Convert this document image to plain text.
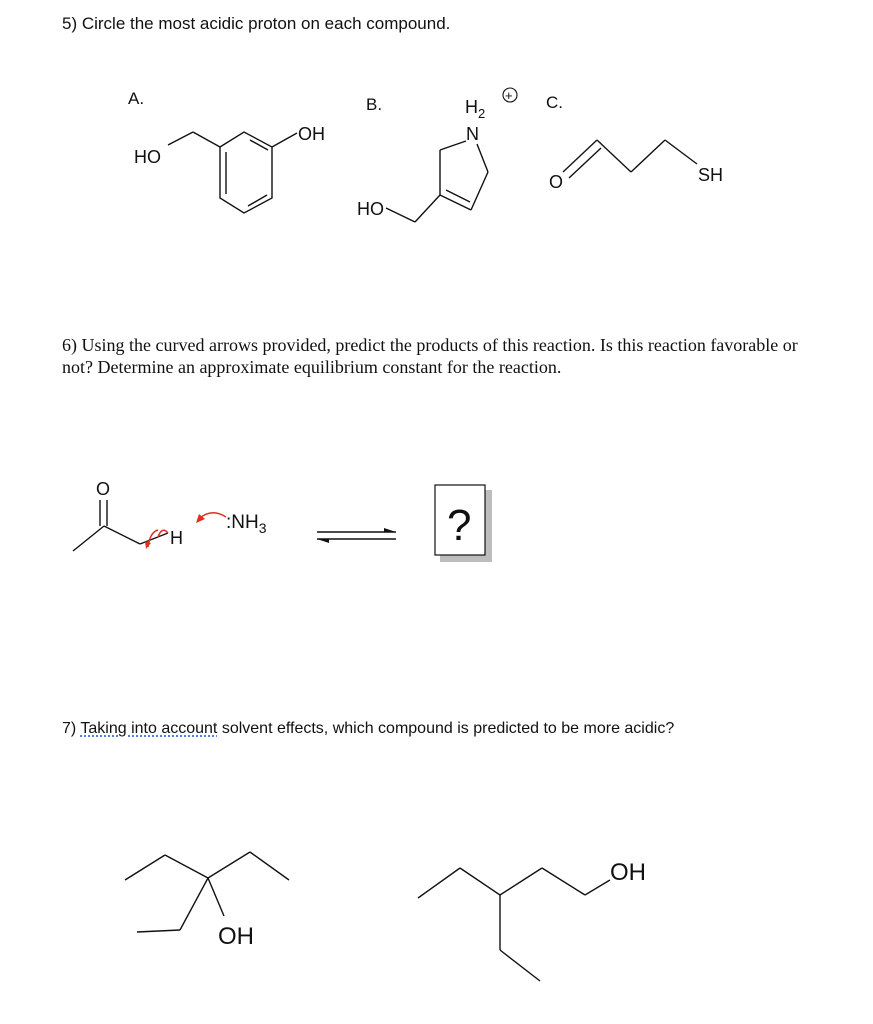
5) Circle the most acidic proton on each compound.
6) Using the curved arrows provided, predict the products of this reaction. Is this reaction favorable or not? Determine an approximate equilibrium constant for the reaction.
7) Taking into account solvent effects, which compound is predicted to be more acidic?
A.
HO
OH
B.	$H_2$
+
N
HO
C.
O	SH
O
H
$:NH_3$	?
OH
OH
